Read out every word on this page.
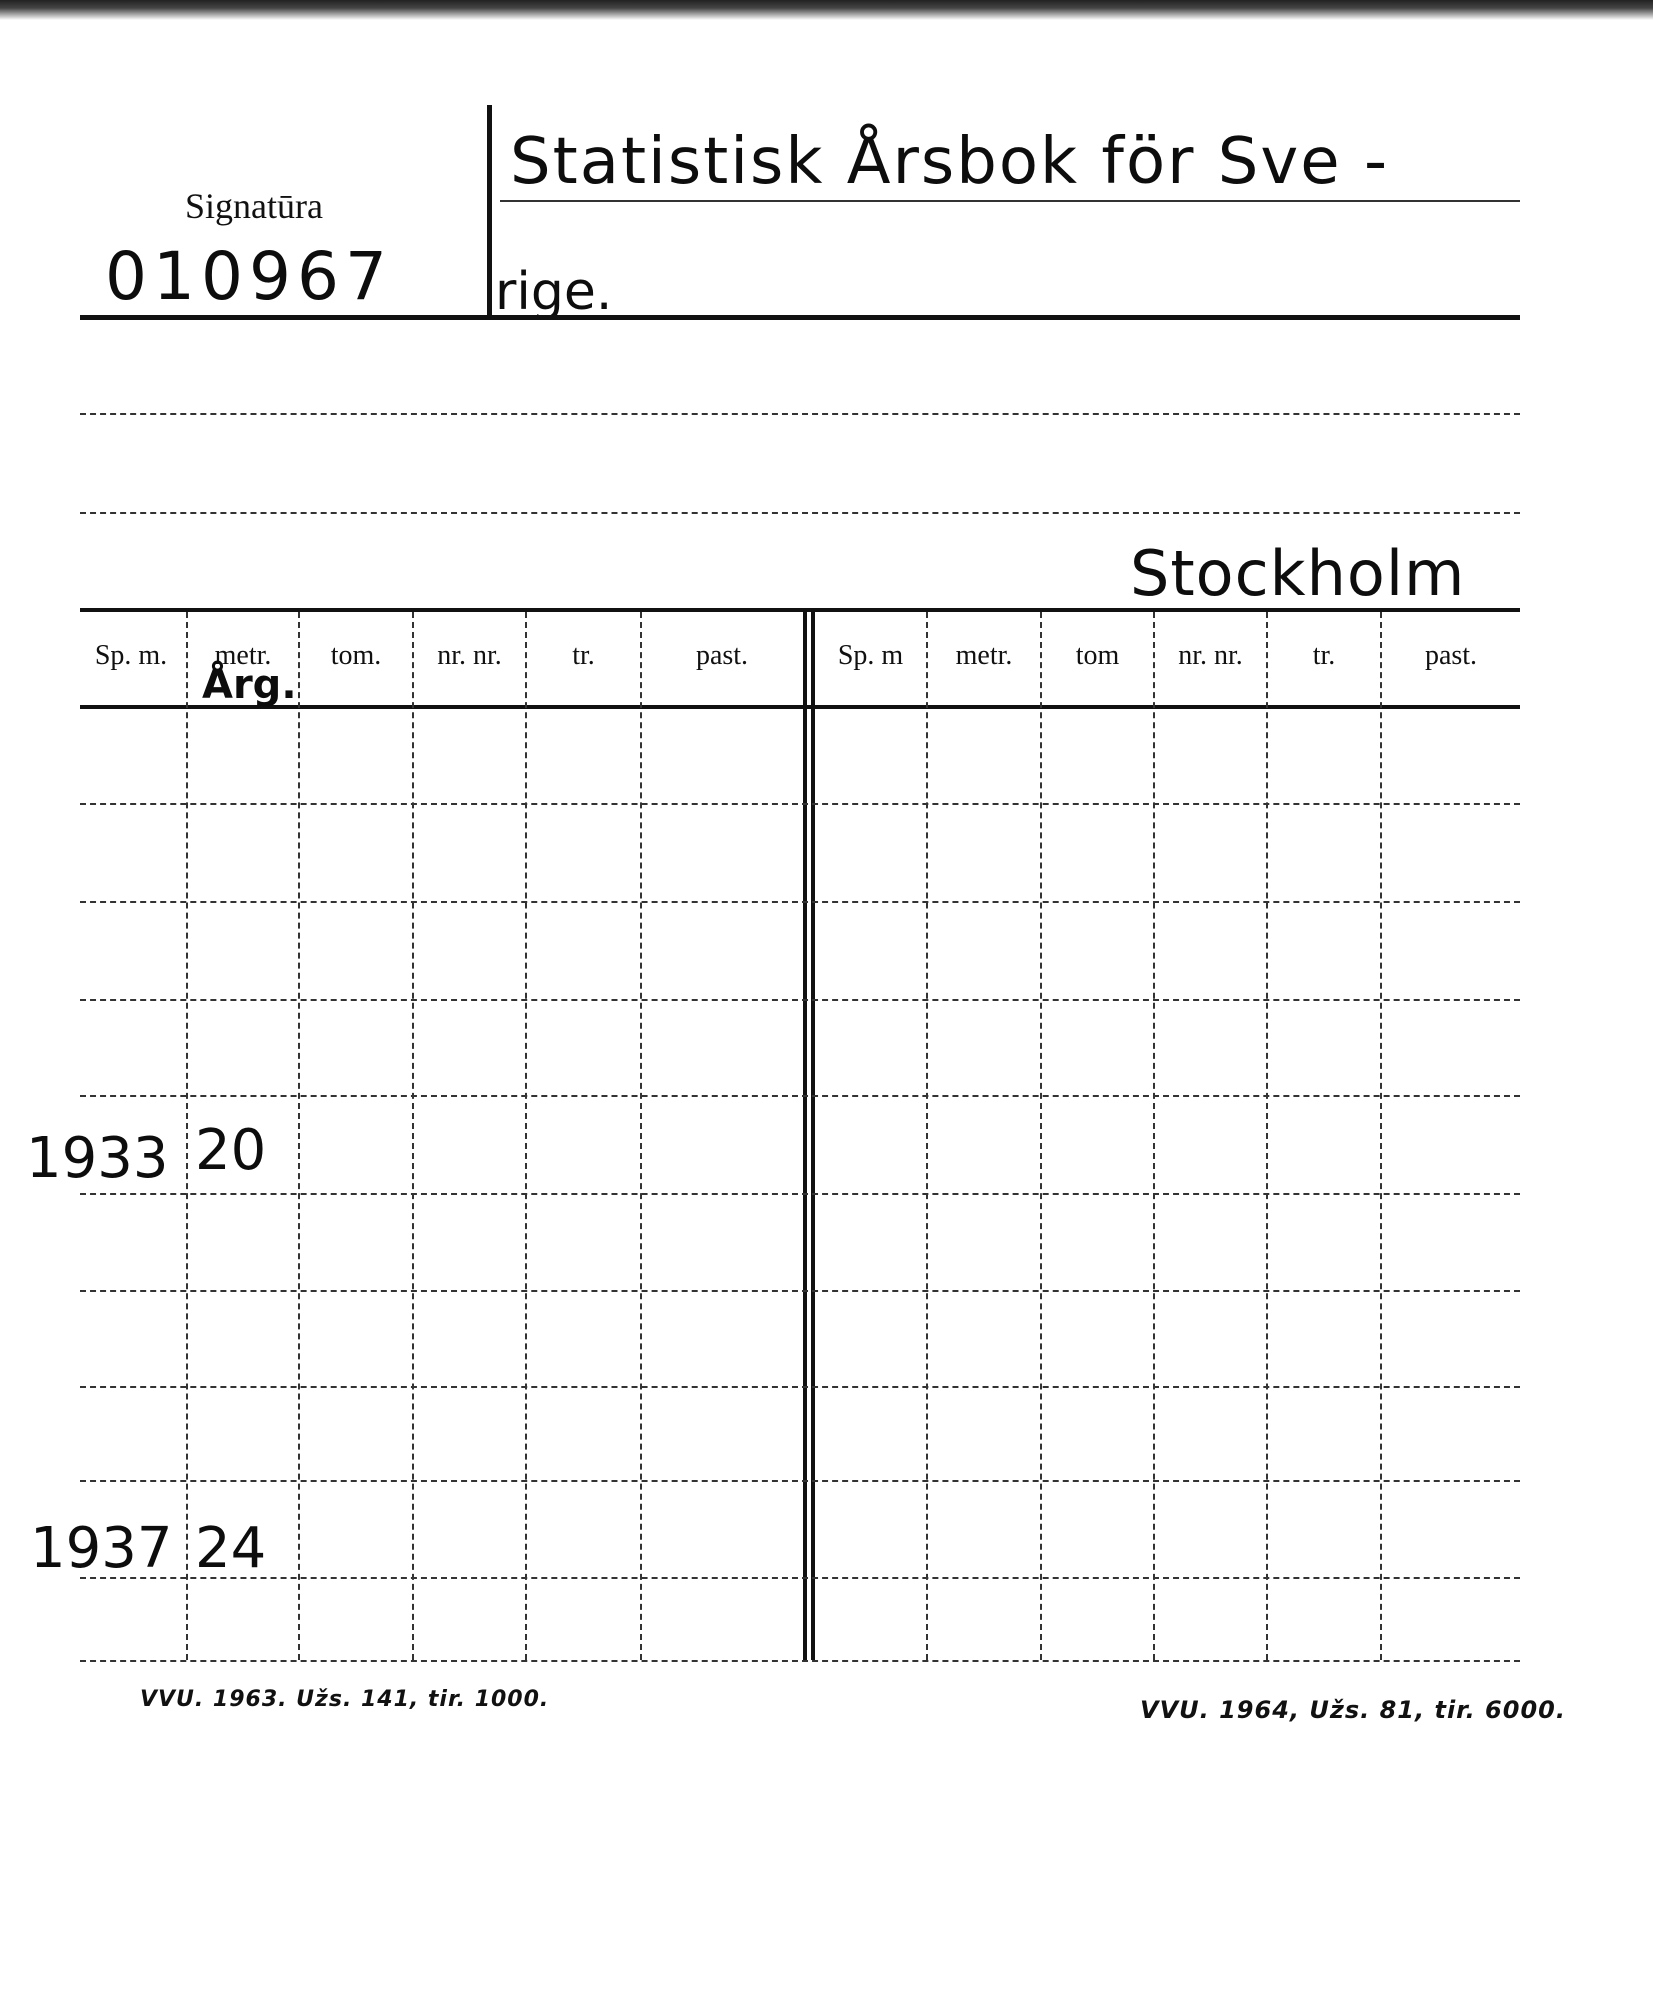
Signatūra
010967
Statistisk Årsbok för Sve -
rige.
Stockholm
Sp. m.	metr.	tom.	nr. nr.	tr.	past.	Sp. m	metr.	tom	nr. nr.	tr.	past.
Årg.
1933 20
1937 24
VVU. 1963. Užs. 141, tir. 1000.	VVU. 1964, Užs. 81, tir. 6000.
